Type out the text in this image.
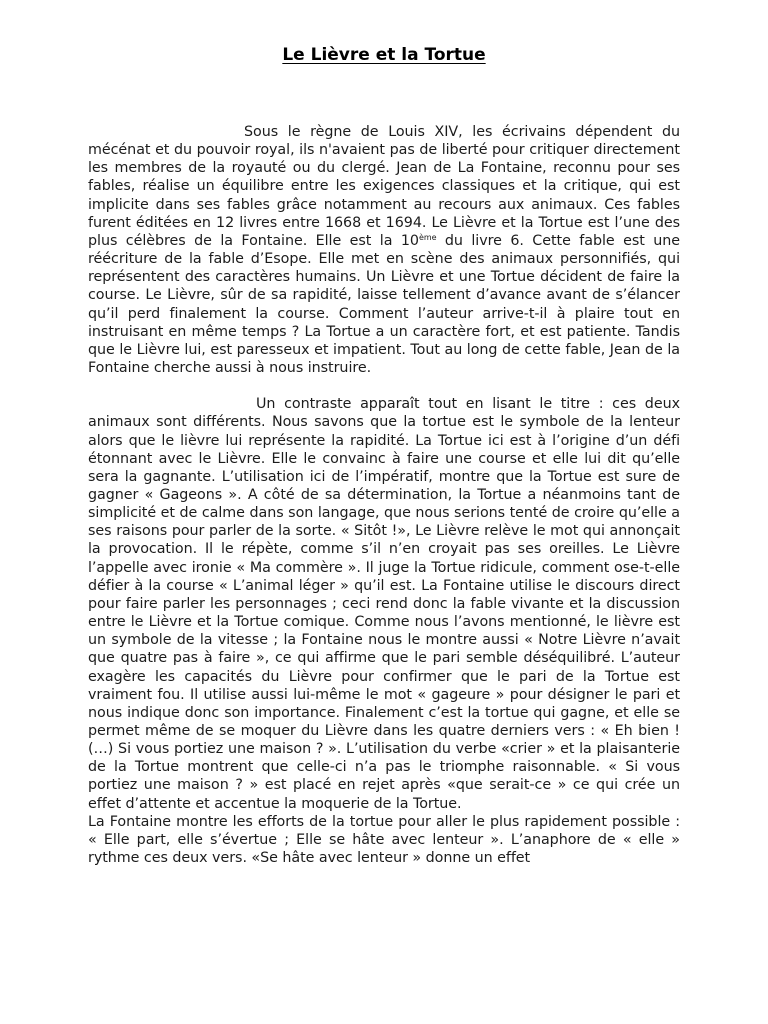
Le Lièvre et la Tortue

Sous le règne de Louis XIV, les écrivains dépendent du mécénat et du pouvoir royal, ils n'avaient pas de liberté pour critiquer directement les membres de la royauté ou du clergé. Jean de La Fontaine, reconnu pour ses fables, réalise un équilibre entre les exigences classiques et la critique, qui est implicite dans ses fables grâce notamment au recours aux animaux. Ces fables furent éditées en 12 livres entre 1668 et 1694. Le Lièvre et la Tortue est l’une des plus célèbres de la Fontaine. Elle est la 10ème du livre 6. Cette fable est une réécriture de la fable d’Esope. Elle met en scène des animaux personnifiés, qui représentent des caractères humains. Un Lièvre et une Tortue décident de faire la course. Le Lièvre, sûr de sa rapidité, laisse tellement d’avance avant de s’élancer qu’il perd finalement la course. Comment l’auteur arrive-t-il à plaire tout en instruisant en même temps ? La Tortue a un caractère fort, et est patiente. Tandis que le Lièvre lui, est paresseux et impatient. Tout au long de cette fable, Jean de la Fontaine cherche aussi à nous instruire.

Un contraste apparaît tout en lisant le titre : ces deux animaux sont différents. Nous savons que la tortue est le symbole de la lenteur alors que le lièvre lui représente la rapidité. La Tortue ici est à l’origine d’un défi étonnant avec le Lièvre. Elle le convainc à faire une course et elle lui dit qu’elle sera la gagnante. L’utilisation ici de l’impératif, montre que la Tortue est sure de gagner « Gageons ». A côté de sa détermination, la Tortue a néanmoins tant de simplicité et de calme dans son langage, que nous serions tenté de croire qu’elle a ses raisons pour parler de la sorte. « Sitôt !», Le Lièvre relève le mot qui annonçait la provocation. Il le répète, comme s’il n’en croyait pas ses oreilles. Le Lièvre l’appelle avec ironie « Ma commère ». Il juge la Tortue ridicule, comment ose-t-elle défier à la course « L’animal léger » qu’il est. La Fontaine utilise le discours direct pour faire parler les personnages ; ceci rend donc la fable vivante et la discussion entre le Lièvre et la Tortue comique. Comme nous l’avons mentionné, le lièvre est un symbole de la vitesse ; la Fontaine nous le montre aussi « Notre Lièvre n’avait que quatre pas à faire », ce qui affirme que le pari semble déséquilibré. L’auteur exagère les capacités du Lièvre pour confirmer que le pari de la Tortue est vraiment fou. Il utilise aussi lui-même le mot « gageure » pour désigner le pari et nous indique donc son importance. Finalement c’est la tortue qui gagne, et elle se permet même de se moquer du Lièvre dans les quatre derniers vers : « Eh bien ! (…) Si vous portiez une maison ? ». L’utilisation du verbe «crier » et la plaisanterie de la Tortue montrent que celle-ci n’a pas le triomphe raisonnable. « Si vous portiez une maison ? » est placé en rejet après «que serait-ce » ce qui crée un effet d’attente et accentue la moquerie de la Tortue.

La Fontaine montre les efforts de la tortue pour aller le plus rapidement possible : « Elle part, elle s’évertue ; Elle se hâte avec lenteur ». L’anaphore de « elle » rythme ces deux vers. «Se hâte avec lenteur » donne un effet
